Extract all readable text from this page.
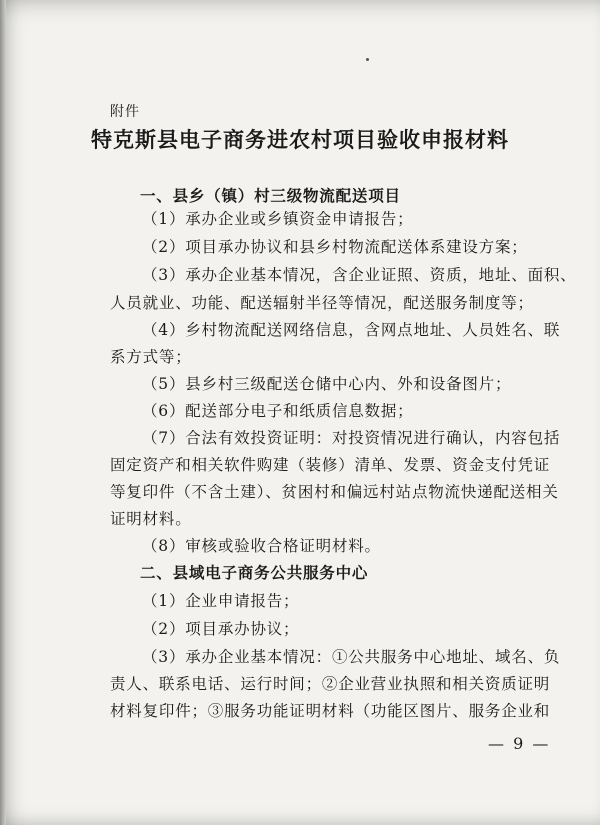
附件
特克斯县电子商务进农村项目验收申报材料

一、县乡（镇）村三级物流配送项目

（1）承办企业或乡镇资金申请报告；

（2）项目承办协议和县乡村物流配送体系建设方案；

（3）承办企业基本情况，含企业证照、资质，地址、面积、

人员就业、功能、配送辐射半径等情况，配送服务制度等；

（4）乡村物流配送网络信息，含网点地址、人员姓名、联

系方式等；

（5）县乡村三级配送仓储中心内、外和设备图片；

（6）配送部分电子和纸质信息数据；

（7）合法有效投资证明：对投资情况进行确认，内容包括

固定资产和相关软件购建（装修）清单、发票、资金支付凭证

等复印件（不含土建）、贫困村和偏远村站点物流快递配送相关

证明材料。

（8）审核或验收合格证明材料。

二、县域电子商务公共服务中心

（1）企业申请报告；

（2）项目承办协议；

（3）承办企业基本情况：①公共服务中心地址、域名、负

责人、联系电话、运行时间；②企业营业执照和相关资质证明

材料复印件；③服务功能证明材料（功能区图片、服务企业和

— 9 —
